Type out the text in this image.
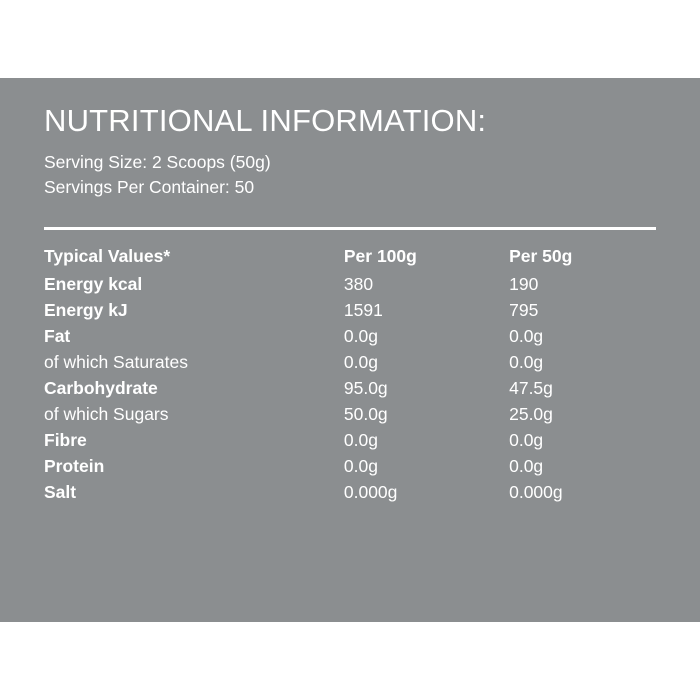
NUTRITIONAL INFORMATION:

Serving Size: 2 Scoops (50g)

Servings Per Container: 50

Typical Values*	Per 100g	Per 50g
Energy kcal	380	190
Energy kJ	1591	795
Fat	0.0g	0.0g
of which Saturates	0.0g	0.0g
Carbohydrate	95.0g	47.5g
of which Sugars	50.0g	25.0g
Fibre	0.0g	0.0g
Protein	0.0g	0.0g
Salt	0.000g	0.000g
